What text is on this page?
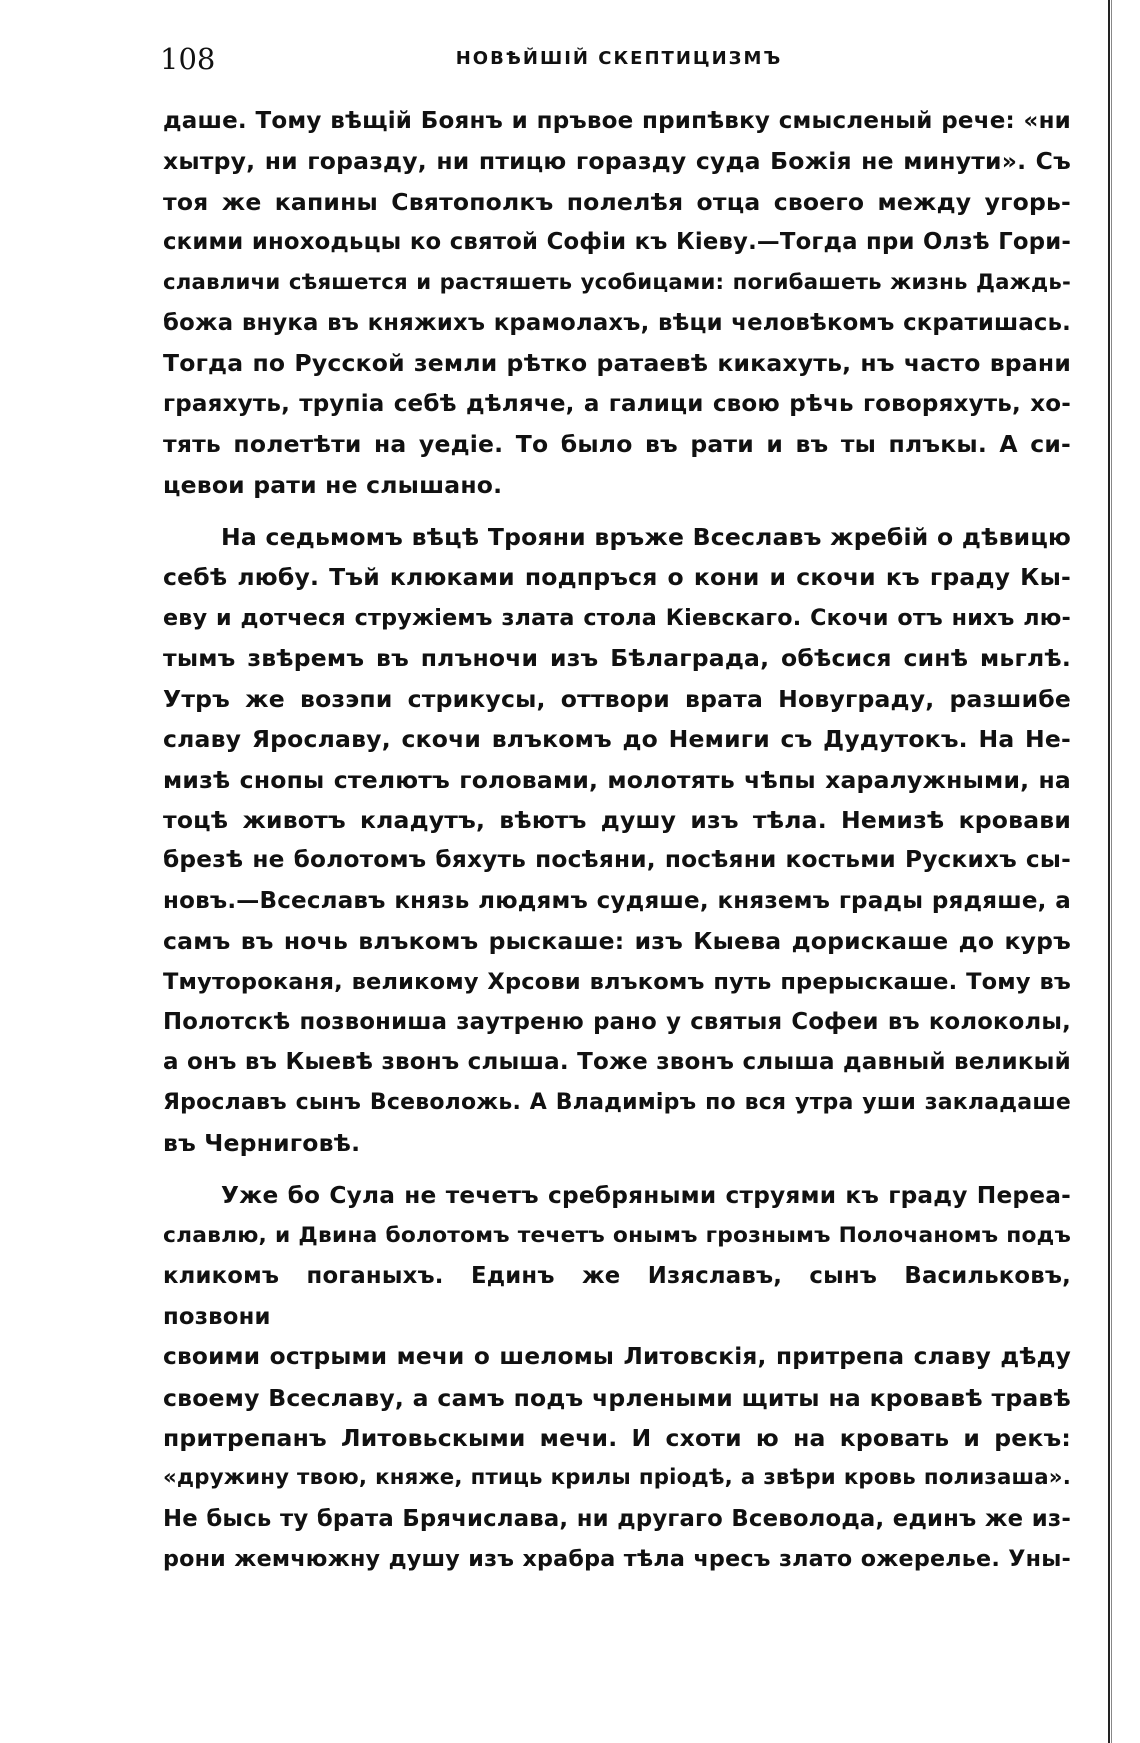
108	НОВѢЙШІЙ СКЕПТИЦИЗМЪ
даше. Тому вѣщій Боянъ и пръвое припѣвку смысленый рече: «ни
хытру, ни горазду, ни птицю горазду суда Божія не минути». Съ
тоя же капины Святополкъ полелѣя отца своего между угорь-
скими иноходьцы ко святой Софіи къ Кіеву.—Тогда при Олзѣ Гори-
славличи сѣяшется и растяшеть усобицами: погибашеть жизнь Даждь-
божа внука въ княжихъ крамолахъ, вѣци человѣкомъ скратишась.
Тогда по Русской земли рѣтко ратаевѣ кикахуть, нъ часто врани
граяхуть, трупіа себѣ дѣляче, а галици свою рѣчь говоряхуть, хо-
тять полетѣти на уедіе. То было въ рати и въ ты плъкы. А си-
цевои рати не слышано.
На седьмомъ вѣцѣ Трояни връже Всеславъ жребій о дѣвицю
себѣ любу. Тъй клюками подпръся о кони и скочи къ граду Кы-
еву и дотчеся стружіемъ злата стола Кіевскаго. Скочи отъ нихъ лю-
тымъ звѣремъ въ плъночи изъ Бѣлаграда, обѣсися синѣ мьглѣ.
Утръ же возэпи стрикусы, оттвори врата Новуграду, разшибе
славу Ярославу, скочи влъкомъ до Немиги съ Дудутокъ. На Не-
мизѣ снопы стелютъ головами, молотять чѣпы харалужными, на
тоцѣ животъ кладутъ, вѣютъ душу изъ тѣла. Немизѣ кровави
брезѣ не болотомъ бяхуть посѣяни, посѣяни костьми Рускихъ сы-
новъ.—Всеславъ князь людямъ судяше, княземъ грады рядяше, а
самъ въ ночь влъкомъ рыскаше: изъ Кыева дорискаше до куръ
Тмутороканя, великому Хрсови влъкомъ путь прерыскаше. Тому въ
Полотскѣ позвониша заутреню рано у святыя Софеи въ колоколы,
а онъ въ Кыевѣ звонъ слыша. Тоже звонъ слыша давный великый
Ярославъ сынъ Всеволожь. А Владиміръ по вся утра уши закладаше
въ Черниговѣ.
Уже бо Сула не течетъ сребряными струями къ граду Переа-
славлю, и Двина болотомъ течетъ онымъ грознымъ Полочаномъ подъ
кликомъ поганыхъ. Единъ же Изяславъ, сынъ Васильковъ, позвони
своими острыми мечи о шеломы Литовскія, притрепа славу дѣду
своему Всеславу, а самъ подъ чрлеными щиты на кровавѣ травѣ
притрепанъ Литовьскыми мечи. И схоти ю на кровать и рекъ:
«дружину твою, княже, птиць крилы пріодѣ, а звѣри кровь полизаша».
Не бысь ту брата Брячислава, ни другаго Всеволода, единъ же из-
рони жемчюжну душу изъ храбра тѣла чресъ злато ожерелье. Уны-
